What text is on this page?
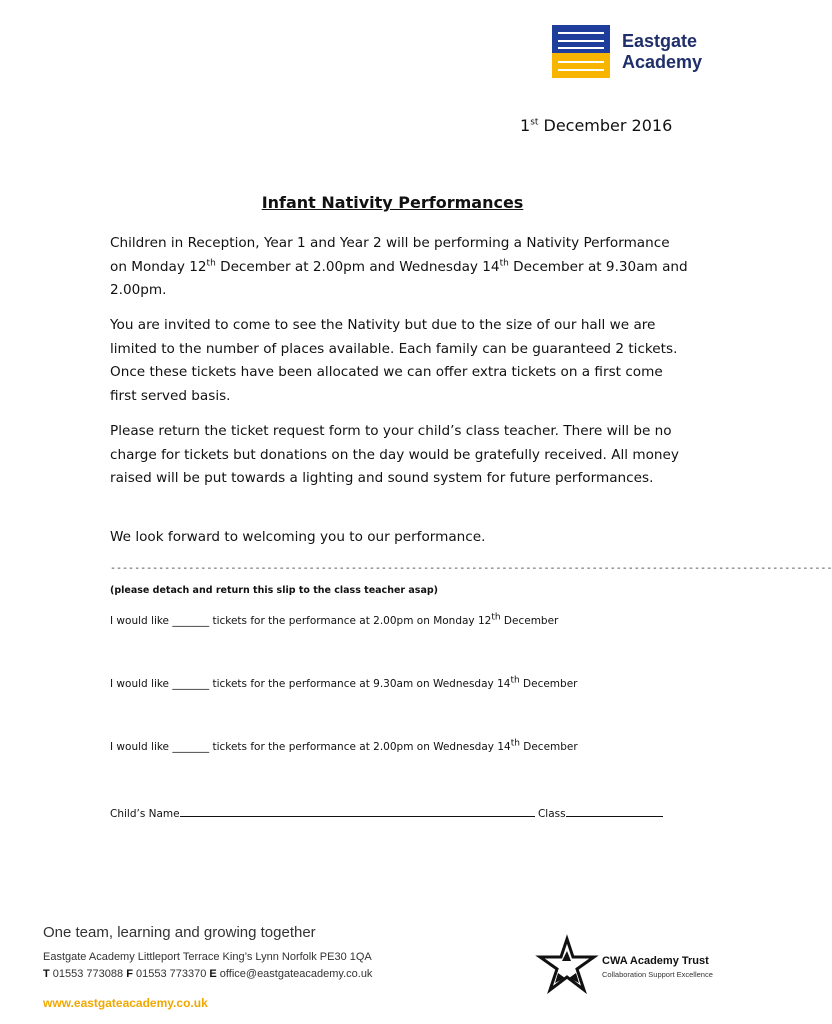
Eastgate
Academy
1st December 2016
Infant Nativity Performances
Children in Reception, Year 1 and Year 2 will be performing a Nativity Performance on Monday 12th December at 2.00pm and Wednesday 14th December at 9.30am and 2.00pm.
You are invited to come to see the Nativity but due to the size of our hall we are limited to the number of places available. Each family can be guaranteed 2 tickets. Once these tickets have been allocated we can offer extra tickets on a first come first served basis.
Please return the ticket request form to your child’s class teacher. There will be no charge for tickets but donations on the day would be gratefully received. All money raised will be put towards a lighting and sound system for future performances.
We look forward to welcoming you to our performance.
------------------------------------------------------------------------------------------------------------------------
(please detach and return this slip to the class teacher asap)
I would like _______ tickets for the performance at 2.00pm on Monday 12th December
I would like _______ tickets for the performance at 9.30am on Wednesday 14th December
I would like _______ tickets for the performance at 2.00pm on Wednesday 14th December
Child’s Name	Class
One team, learning and growing together
Eastgate Academy Littleport Terrace King’s Lynn Norfolk PE30 1QA
T 01553 773088 F 01553 773370 E office@eastgateacademy.co.uk
www.eastgateacademy.co.uk
CWA Academy Trust
Collaboration Support Excellence
